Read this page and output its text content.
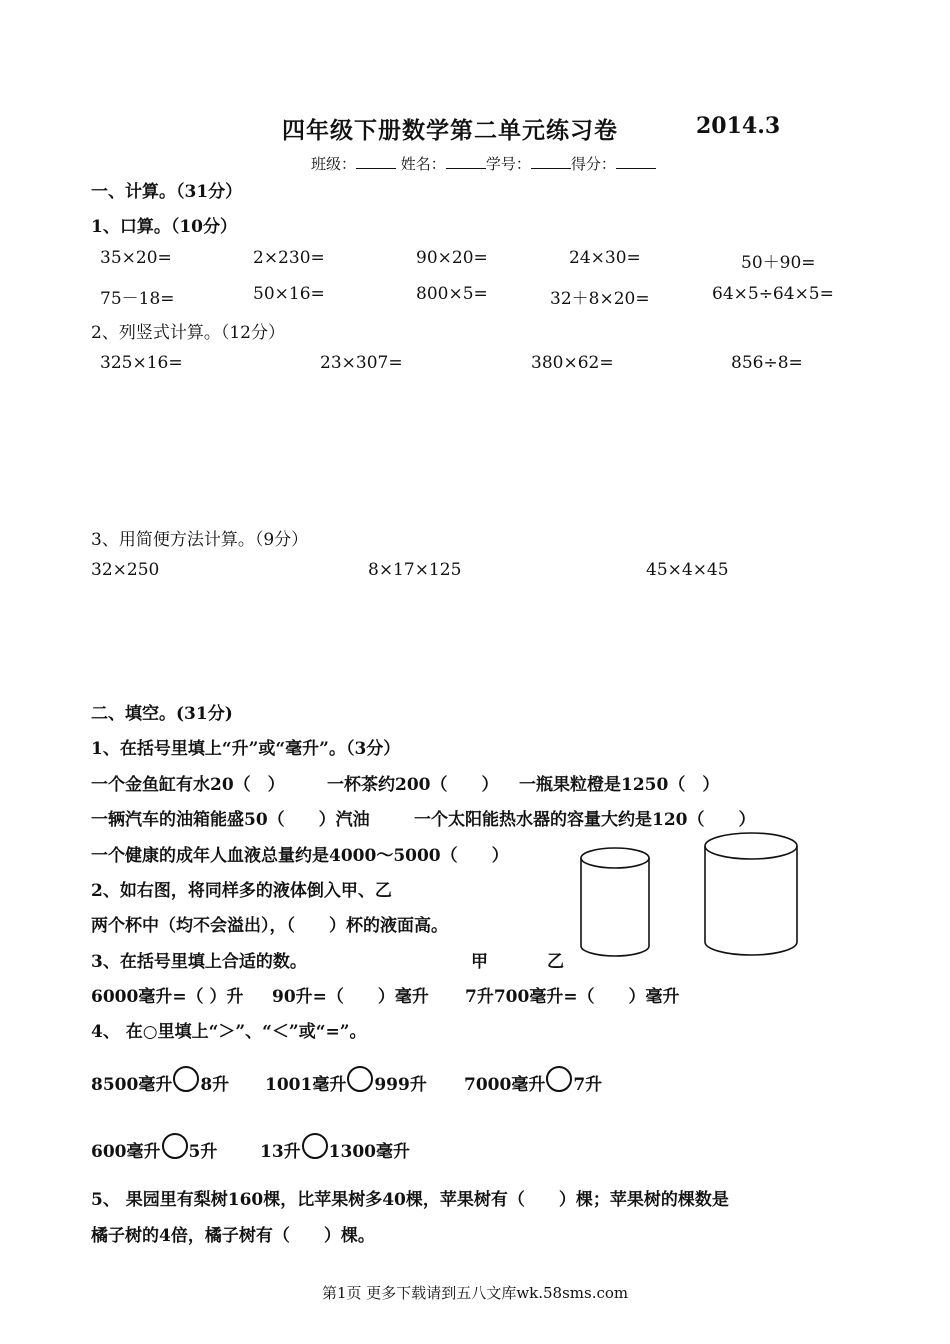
四年级下册数学第二单元练习卷	2014.3
班级：	姓名：	学号：	得分：
一、计算。（31分）
1、口算。（10分）
35×20=	2×230=	90×20=	24×30=	50＋90=
75－18=	50×16=	800×5=	32＋8×20=	64×5÷64×5=
2、列竖式计算。（12分）
325×16=	23×307=	380×62=	856÷8=
3、用简便方法计算。（9分）
32×250	8×17×125	45×4×45
二、填空。(31分)
1、在括号里填上“升”或“毫升”。（3分）
一个金鱼缸有水20（　） 一杯茶约200（　　） 一瓶果粒橙是1250（　）
一辆汽车的油箱能盛50（　　）汽油	一个太阳能热水器的容量大约是120（　　）
一个健康的成年人血液总量约是4000～5000（　　）
2、如右图，将同样多的液体倒入甲、乙
两个杯中（均不会溢出），（　　）杯的液面高。
甲	乙
3、在括号里填上合适的数。
6000毫升=（ ）升 90升=（　　）毫升 7升700毫升=（　　）毫升
4、 在○里填上“＞”、“＜”或“=”。
8500毫升 8升 1001毫升 999升 7000毫升 7升
600毫升 5升	13升 1300毫升
5、 果园里有梨树160棵，比苹果树多40棵，苹果树有（　　）棵；苹果树的棵数是
橘子树的4倍，橘子树有（　　）棵。
第1页 更多下载请到五八文库wk.58sms.com
